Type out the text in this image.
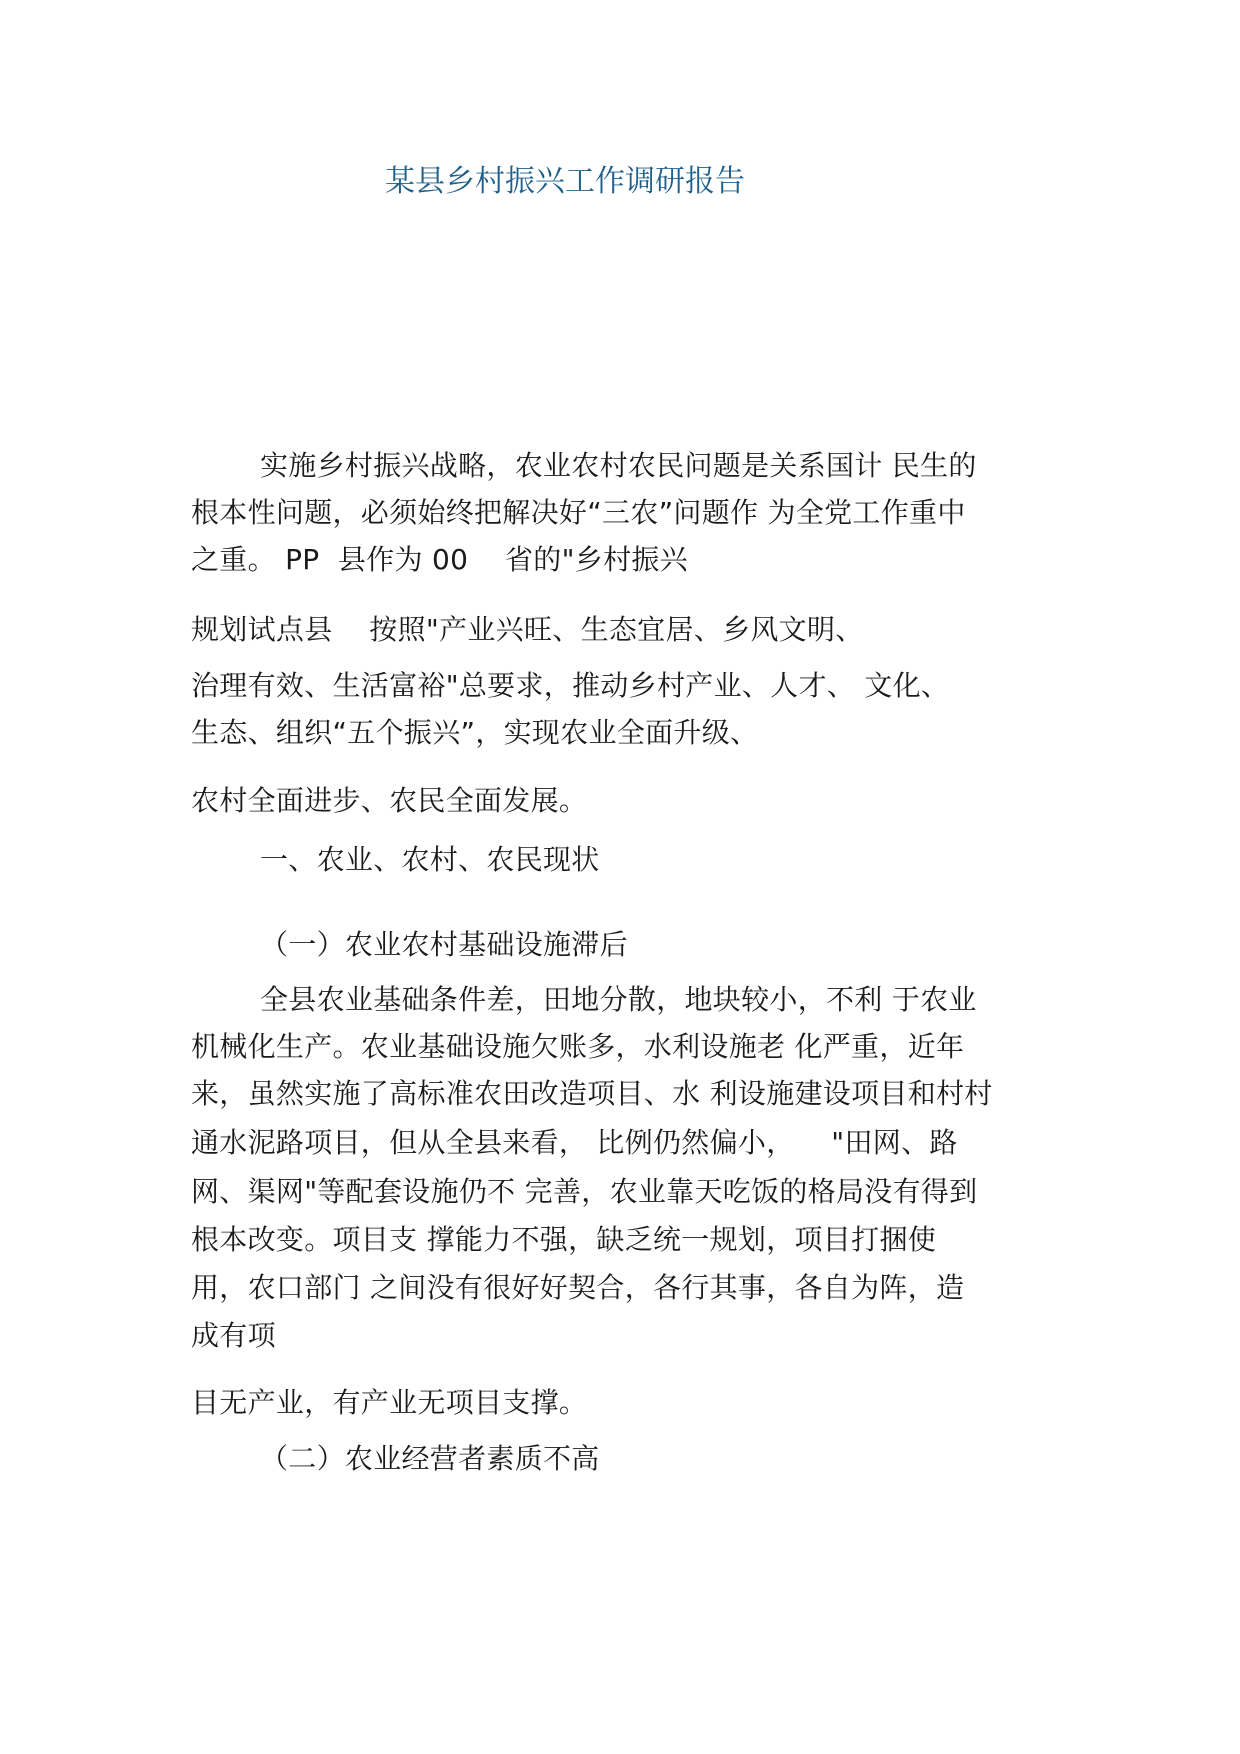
某县乡村振兴工作调研报告
实施乡村振兴战略，农业农村农民问题是关系国计 民生的
根本性问题，必须始终把解决好“三农”问题作 为全党工作重中
之重。 PP  县作为 00    省的"乡村振兴
规划试点县    按照"产业兴旺、生态宜居、乡风文明、
治理有效、生活富裕"总要求，推动乡村产业、人才、 文化、
生态、组织“五个振兴”，实现农业全面升级、
农村全面进步、农民全面发展。
一、农业、农村、农民现状
（一）农业农村基础设施滞后
全县农业基础条件差，田地分散，地块较小，不利 于农业
机械化生产。农业基础设施欠账多，水利设施老 化严重，近年
来，虽然实施了高标准农田改造项目、水 利设施建设项目和村村
通水泥路项目，但从全县来看， 比例仍然偏小，    "田网、路
网、渠网"等配套设施仍不 完善，农业靠天吃饭的格局没有得到
根本改变。项目支 撑能力不强，缺乏统一规划，项目打捆使
用，农口部门 之间没有很好好契合，各行其事，各自为阵，造
成有项
目无产业，有产业无项目支撑。
（二）农业经营者素质不高
